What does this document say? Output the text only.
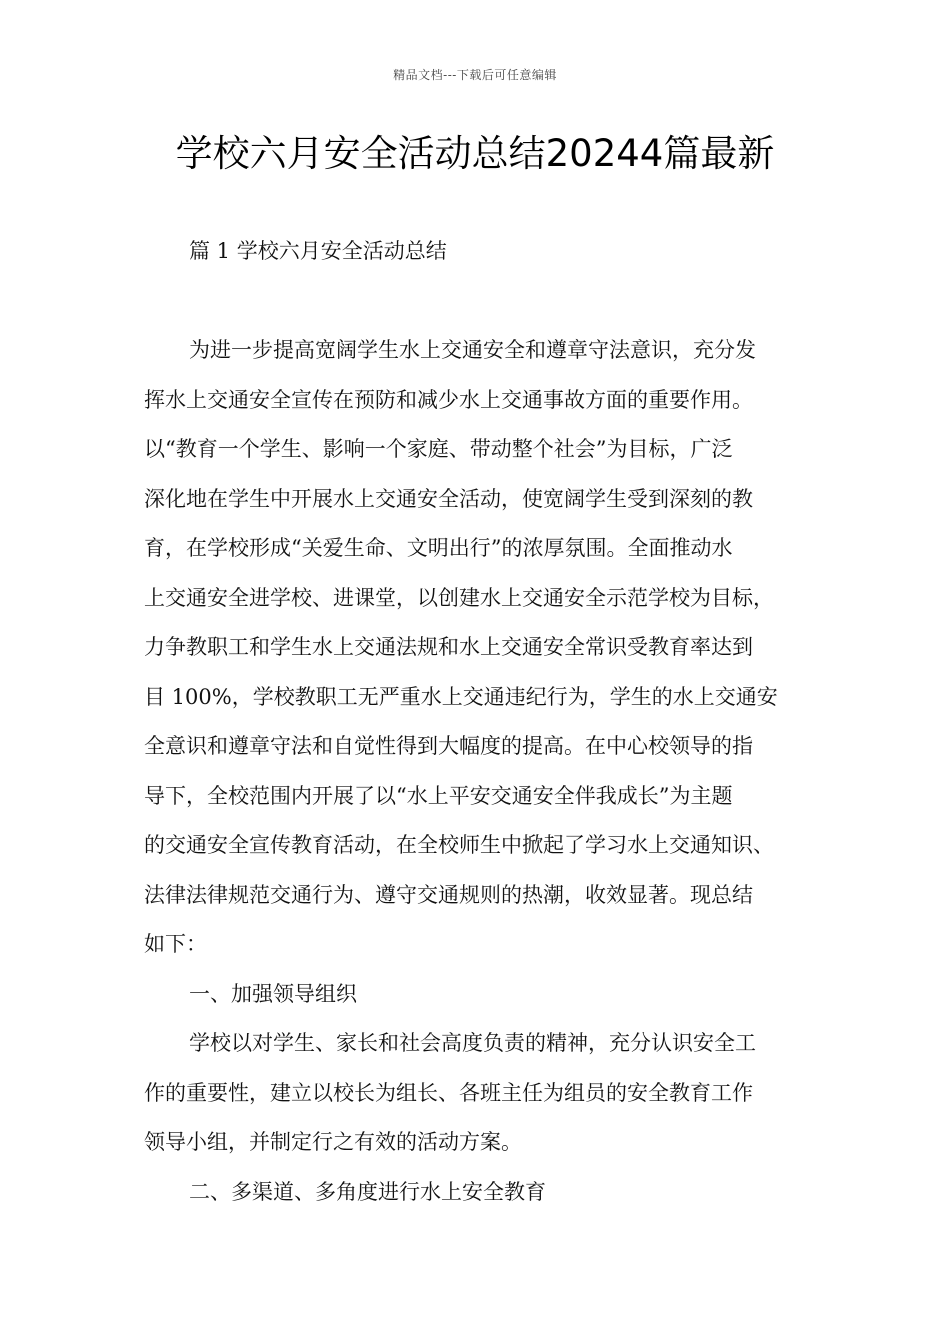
精品文档---下载后可任意编辑
学校六月安全活动总结20244篇最新
篇 1 学校六月安全活动总结
为进一步提高宽阔学生水上交通安全和遵章守法意识，充分发
挥水上交通安全宣传在预防和减少水上交通事故方面的重要作用。
以“教育一个学生、影响一个家庭、带动整个社会”为目标，广泛
深化地在学生中开展水上交通安全活动，使宽阔学生受到深刻的教
育，在学校形成“关爱生命、文明出行”的浓厚氛围。全面推动水
上交通安全进学校、进课堂，以创建水上交通安全示范学校为目标，
力争教职工和学生水上交通法规和水上交通安全常识受教育率达到
目 100%，学校教职工无严重水上交通违纪行为，学生的水上交通安
全意识和遵章守法和自觉性得到大幅度的提高。在中心校领导的指
导下，全校范围内开展了以“水上平安交通安全伴我成长”为主题
的交通安全宣传教育活动，在全校师生中掀起了学习水上交通知识、
法律法律规范交通行为、遵守交通规则的热潮，收效显著。现总结
如下：
一、加强领导组织
学校以对学生、家长和社会高度负责的精神，充分认识安全工
作的重要性，建立以校长为组长、各班主任为组员的安全教育工作
领导小组，并制定行之有效的活动方案。
二、多渠道、多角度进行水上安全教育
